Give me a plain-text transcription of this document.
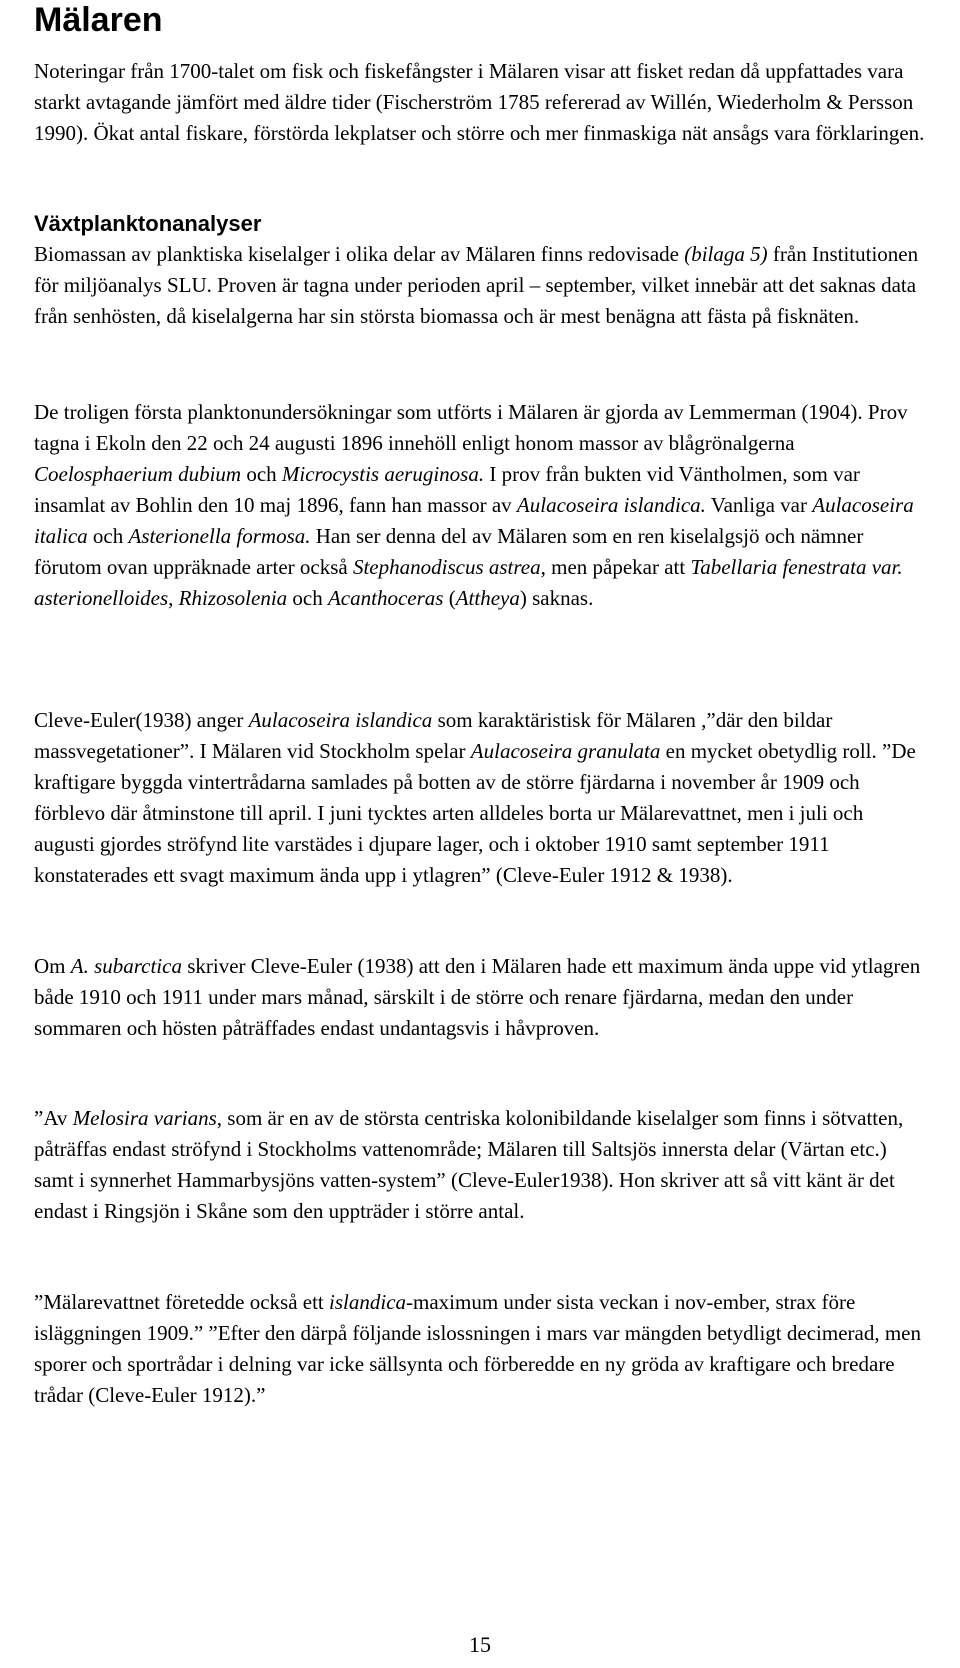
Mälaren

Noteringar från 1700-talet om fisk och fiskefångster i Mälaren visar att fisket redan då uppfattades vara starkt avtagande jämfört med äldre tider (Fischerström 1785 refererad av Willén, Wiederholm & Persson 1990). Ökat antal fiskare, förstörda lekplatser och större och mer finmaskiga nät ansågs vara förklaringen.

Växtplanktonanalyser

Biomassan av planktiska kiselalger i olika delar av Mälaren finns redovisade (bilaga 5) från Institutionen för miljöanalys SLU. Proven är tagna under perioden april – september, vilket innebär att det saknas data från senhösten, då kiselalgerna har sin största biomassa och är mest benägna att fästa på fisknäten.

De troligen första planktonundersökningar som utförts i Mälaren är gjorda av Lemmerman (1904). Prov tagna i Ekoln den 22 och 24 augusti 1896 innehöll enligt honom massor av blågrönalgerna Coelosphaerium dubium och Microcystis aeruginosa. I prov från bukten vid Väntholmen, som var insamlat av Bohlin den 10 maj 1896, fann han massor av Aulacoseira islandica. Vanliga var Aulacoseira italica och Asterionella formosa. Han ser denna del av Mälaren som en ren kiselalgsjö och nämner förutom ovan uppräknade arter också Stephanodiscus astrea, men påpekar att Tabellaria fenestrata var. asterionelloides, Rhizosolenia och Acanthoceras (Attheya) saknas.

Cleve-Euler(1938) anger Aulacoseira islandica som karaktäristisk för Mälaren ,”där den bildar massvegetationer”. I Mälaren vid Stockholm spelar Aulacoseira granulata en mycket obetydlig roll. ”De kraftigare byggda vintertrådarna samlades på botten av de större fjärdarna i november år 1909 och förblevo där åtminstone till april. I juni tycktes arten alldeles borta ur Mälarevattnet, men i juli och augusti gjordes ströfynd lite varstädes i djupare lager, och i oktober 1910 samt september 1911 konstaterades ett svagt maximum ända upp i ytlagren” (Cleve-Euler 1912 & 1938).

Om A. subarctica skriver Cleve-Euler (1938) att den i Mälaren hade ett maximum ända uppe vid ytlagren både 1910 och 1911 under mars månad, särskilt i de större och renare fjärdarna, medan den under sommaren och hösten påträffades endast undantagsvis i håvproven.

”Av Melosira varians, som är en av de största centriska kolonibildande kiselalger som finns i sötvatten, påträffas endast ströfynd i Stockholms vattenområde; Mälaren till Saltsjös innersta delar (Värtan etc.) samt i synnerhet Hammarbysjöns vatten-system” (Cleve-Euler1938). Hon skriver att så vitt känt är det endast i Ringsjön i Skåne som den uppträder i större antal.

”Mälarevattnet företedde också ett islandica-maximum under sista veckan i nov-ember, strax före isläggningen 1909.” ”Efter den därpå följande islossningen i mars var mängden betydligt decimerad, men sporer och sportrådar i delning var icke sällsynta och förberedde en ny gröda av kraftigare och bredare trådar (Cleve-Euler 1912).”

15
